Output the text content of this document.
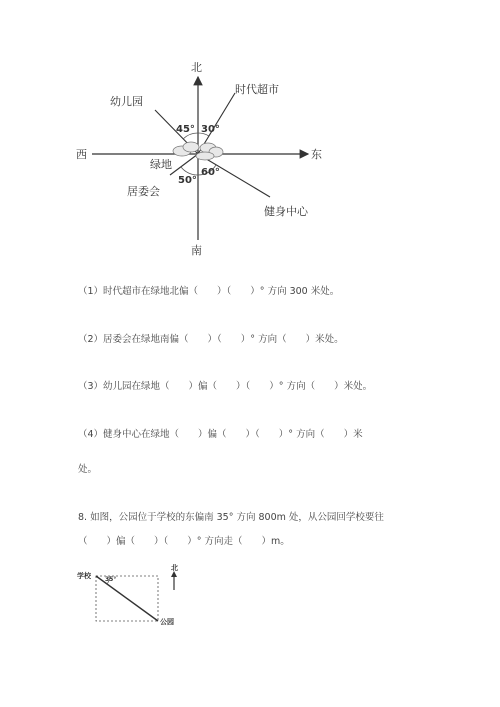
北
南
西	东
时代超市
幼儿园
绿地
居委会
健身中心
45° 30°
50°
60°
（1）时代超市在绿地北偏（　　）（　　）° 方向 300 米处。
（2）居委会在绿地南偏（　　）（　　）° 方向（　　）米处。
（3）幼儿园在绿地（　　）偏（　　）（　　）° 方向（　　）米处。
（4）健身中心在绿地（　　）偏（　　）（　　）° 方向（　　）米
处。
8. 如图，公园位于学校的东偏南 35° 方向 800m 处，从公园回学校要往
（　　）偏（　　）（　　）° 方向走（　　）m。
学校
公园
北
35°
